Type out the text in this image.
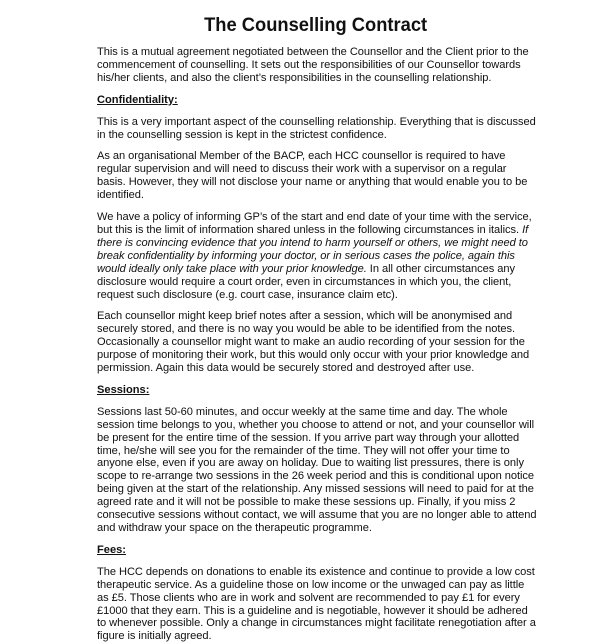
The Counselling Contract

This is a mutual agreement negotiated between the Counsellor and the Client prior to the commencement of counselling. It sets out the responsibilities of our Counsellor towards his/her clients, and also the client’s responsibilities in the counselling relationship.

Confidentiality:

This is a very important aspect of the counselling relationship. Everything that is discussed in the counselling session is kept in the strictest confidence.

As an organisational Member of the BACP, each HCC counsellor is required to have regular supervision and will need to discuss their work with a supervisor on a regular basis. However, they will not disclose your name or anything that would enable you to be identified.

We have a policy of informing GP’s of the start and end date of your time with the service, but this is the limit of information shared unless in the following circumstances in italics. If there is convincing evidence that you intend to harm yourself or others, we might need to break confidentiality by informing your doctor, or in serious cases the police, again this would ideally only take place with your prior knowledge. In all other circumstances any disclosure would require a court order, even in circumstances in which you, the client, request such disclosure (e.g. court case, insurance claim etc).

Each counsellor might keep brief notes after a session, which will be anonymised and securely stored, and there is no way you would be able to be identified from the notes. Occasionally a counsellor might want to make an audio recording of your session for the purpose of monitoring their work, but this would only occur with your prior knowledge and permission. Again this data would be securely stored and destroyed after use.

Sessions:

Sessions last 50-60 minutes, and occur weekly at the same time and day. The whole session time belongs to you, whether you choose to attend or not, and your counsellor will be present for the entire time of the session. If you arrive part way through your allotted time, he/she will see you for the remainder of the time. They will not offer your time to anyone else, even if you are away on holiday. Due to waiting list pressures, there is only scope to re-arrange two sessions in the 26 week period and this is conditional upon notice being given at the start of the relationship. Any missed sessions will need to paid for at the agreed rate and it will not be possible to make these sessions up. Finally, if you miss 2 consecutive sessions without contact, we will assume that you are no longer able to attend and withdraw your space on the therapeutic programme.

Fees:

The HCC depends on donations to enable its existence and continue to provide a low cost therapeutic service. As a guideline those on low income or the unwaged can pay as little as £5. Those clients who are in work and solvent are recommended to pay £1 for every £1000 that they earn. This is a guideline and is negotiable, however it should be adhered to whenever possible. Only a change in circumstances might facilitate renegotiation after a figure is initially agreed.
